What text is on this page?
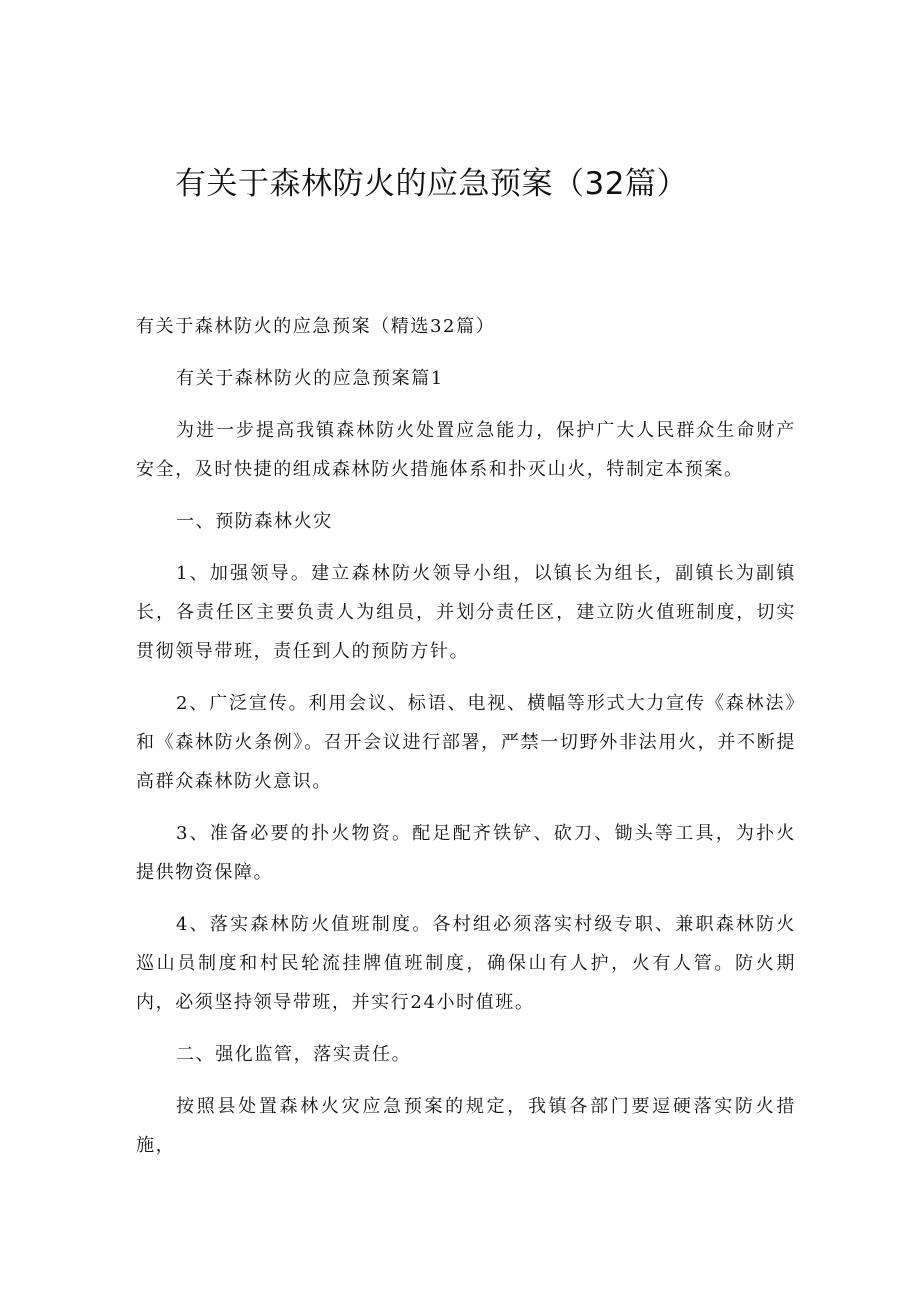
有关于森林防火的应急预案（32篇）

有关于森林防火的应急预案（精选32篇）

有关于森林防火的应急预案篇1

为进一步提高我镇森林防火处置应急能力，保护广大人民群众生命财产安全，及时快捷的组成森林防火措施体系和扑灭山火，特制定本预案。

一、预防森林火灾

1、加强领导。建立森林防火领导小组，以镇长为组长，副镇长为副镇长，各责任区主要负责人为组员，并划分责任区，建立防火值班制度，切实贯彻领导带班，责任到人的预防方针。

2、广泛宣传。利用会议、标语、电视、横幅等形式大力宣传《森林法》和《森林防火条例》。召开会议进行部署，严禁一切野外非法用火，并不断提高群众森林防火意识。

3、准备必要的扑火物资。配足配齐铁铲、砍刀、锄头等工具，为扑火提供物资保障。

4、落实森林防火值班制度。各村组必须落实村级专职、兼职森林防火巡山员制度和村民轮流挂牌值班制度，确保山有人护，火有人管。防火期内，必须坚持领导带班，并实行24小时值班。

二、强化监管，落实责任。

按照县处置森林火灾应急预案的规定，我镇各部门要逗硬落实防火措施，
